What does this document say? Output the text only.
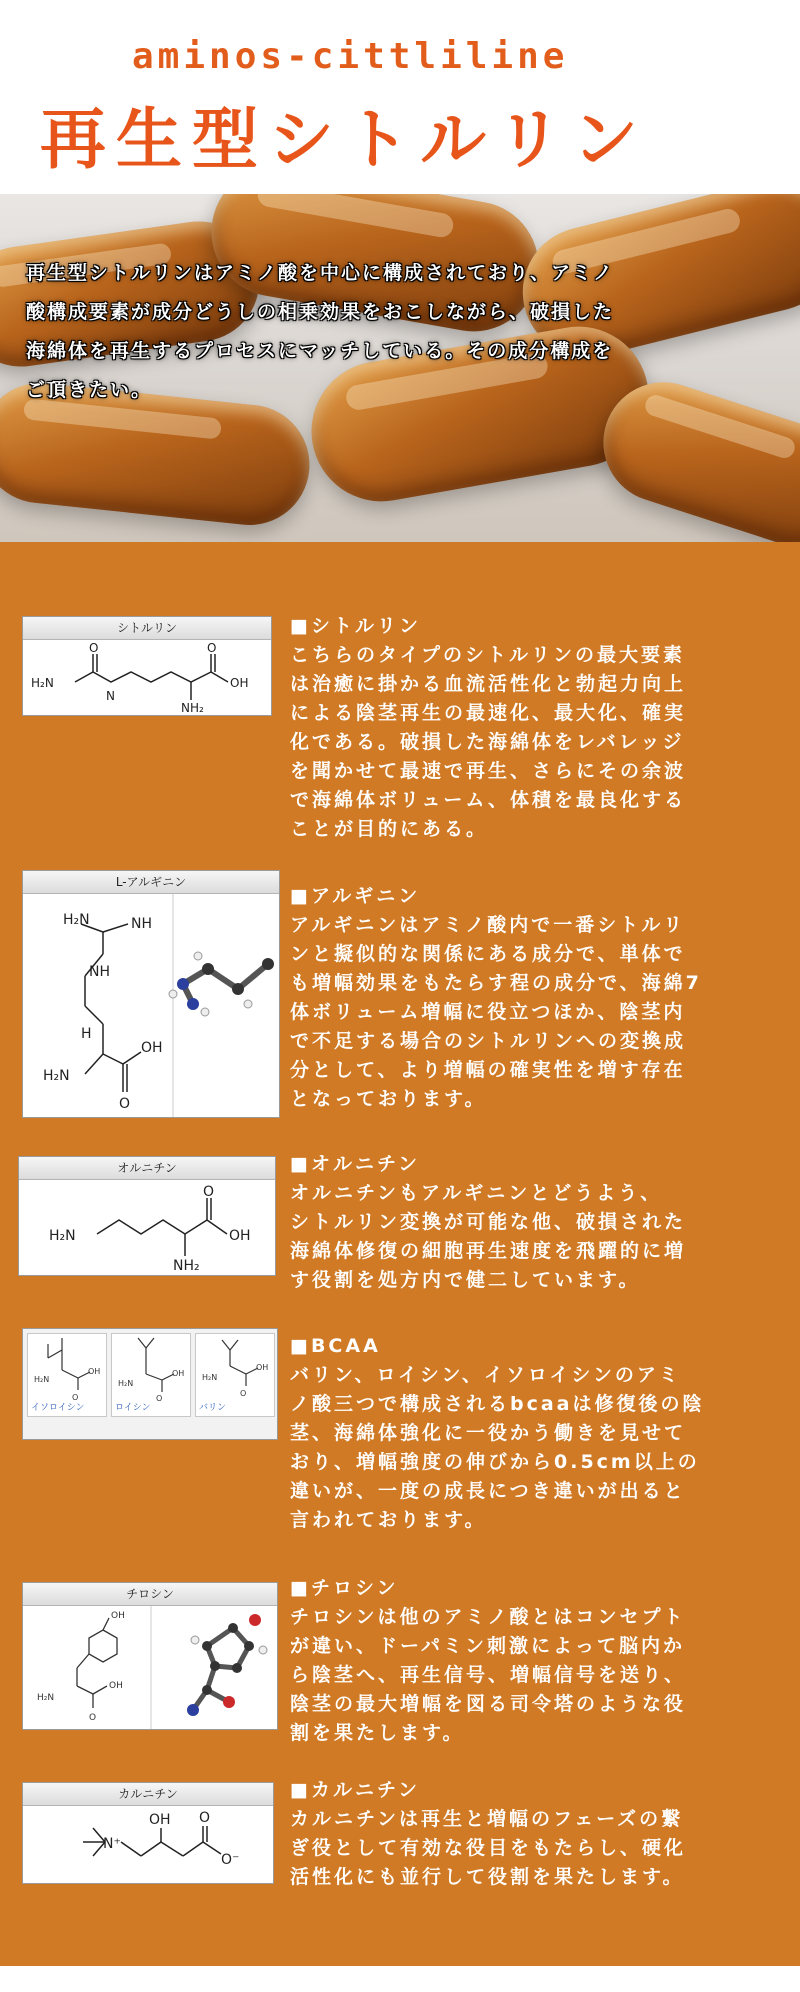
aminos-cittliline
再生型シトルリン
再生型シトルリンはアミノ酸を中心に構成されており、アミノ
酸構成要素が成分どうしの相乗効果をおこしながら、破損した
海綿体を再生するプロセスにマッチしている。その成分構成を
ご頂きたい。
シトルリン
H₂N
O
N
O
OH
NH₂
■シトルリン

こちらのタイプのシトルリンの最大要素
は治癒に掛かる血流活性化と勃起力向上
による陰茎再生の最速化、最大化、確実
化である。破損した海綿体をレバレッジ
を聞かせて最速で再生、さらにその余波
で海綿体ボリューム、体積を最良化する
ことが目的にある。

L-アルギニン
H₂N	NH
NH
H
H₂N
OH
O
■アルギニン

アルギニンはアミノ酸内で一番シトルリ
ンと擬似的な関係にある成分で、単体で
も増幅効果をもたらす程の成分で、海綿7
体ボリューム増幅に役立つほか、陰茎内
で不足する場合のシトルリンへの変換成
分として、より増幅の確実性を増す存在
となっております。

オルニチン
H₂N
O
OH
NH₂
■オルニチン

オルニチンもアルギニンとどうよう、
シトルリン変換が可能な他、破損された
海綿体修復の細胞再生速度を飛躍的に増
す役割を処方内で健二しています。

H₂N
O
OH
イソロイシン
H₂N
O
OH
ロイシン
H₂N
O
OH
バリン
■BCAA

バリン、ロイシン、イソロイシンのアミ
ノ酸三つで構成されるbcaaは修復後の陰
茎、海綿体強化に一役かう働きを見せて
おり、増幅強度の伸びから0.5cm以上の
違いが、一度の成長につき違いが出ると
言われております。

チロシン
OH
H₂N
O
OH
■チロシン

チロシンは他のアミノ酸とはコンセプト
が違い、ドーパミン刺激によって脳内か
ら陰茎へ、再生信号、増幅信号を送り、
陰茎の最大増幅を図る司令塔のような役
割を果たします。

カルニチン
N⁺
OH O
O⁻
■カルニチン

カルニチンは再生と増幅のフェーズの繋
ぎ役として有効な役目をもたらし、硬化
活性化にも並行して役割を果たします。
